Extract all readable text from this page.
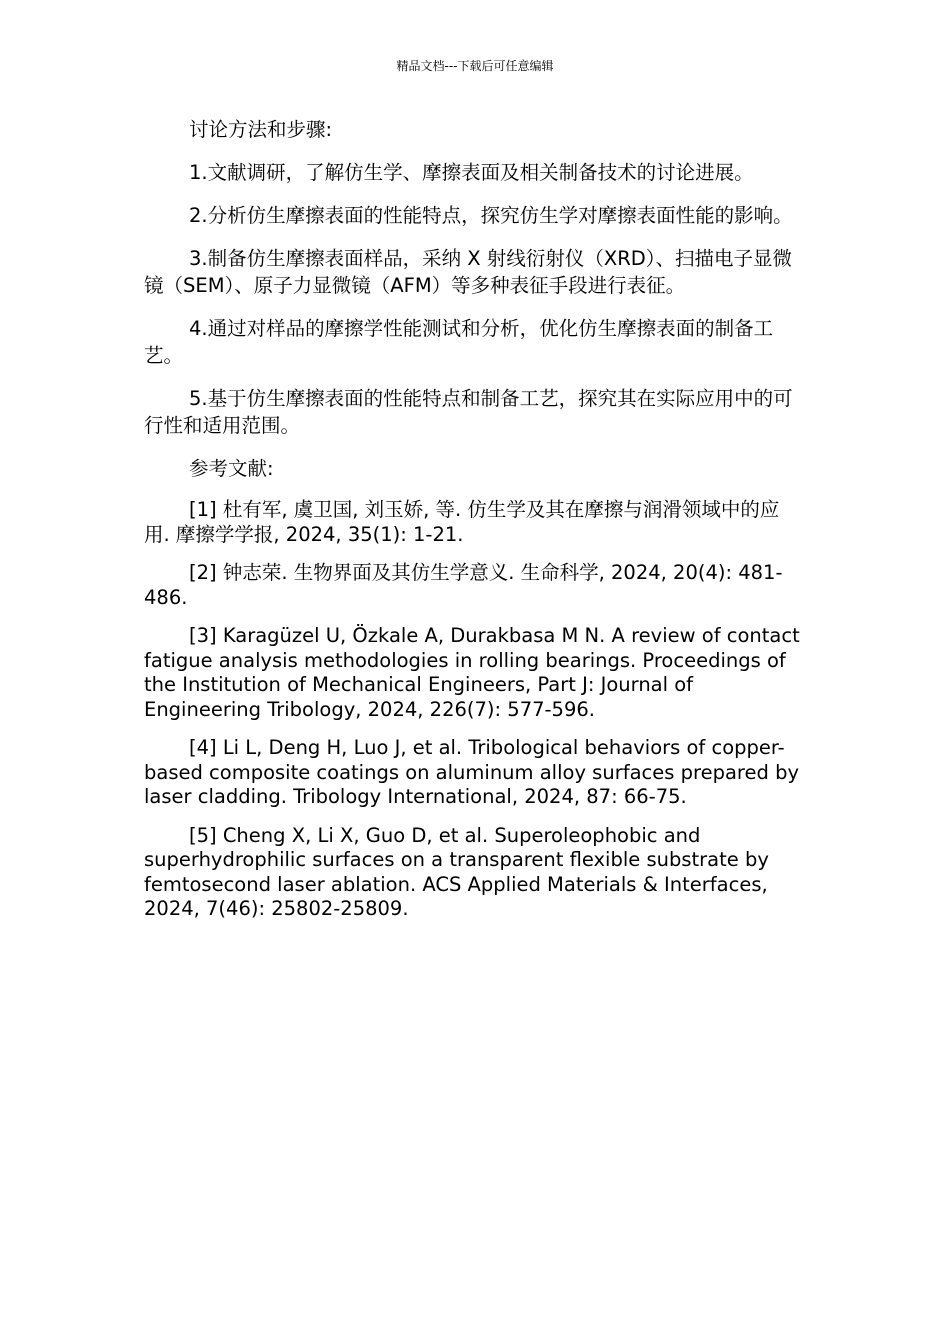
精品文档---下载后可任意编辑

讨论方法和步骤:

1.文献调研，了解仿生学、摩擦表面及相关制备技术的讨论进展。

2.分析仿生摩擦表面的性能特点，探究仿生学对摩擦表面性能的影响。

3.制备仿生摩擦表面样品，采纳 X 射线衍射仪（XRD）、扫描电子显微镜（SEM）、原子力显微镜（AFM）等多种表征手段进行表征。

4.通过对样品的摩擦学性能测试和分析，优化仿生摩擦表面的制备工艺。

5.基于仿生摩擦表面的性能特点和制备工艺，探究其在实际应用中的可行性和适用范围。

参考文献:

[1] 杜有军, 虞卫国, 刘玉娇, 等. 仿生学及其在摩擦与润滑领域中的应用. 摩擦学学报, 2024, 35(1): 1-21.

[2] 钟志荣. 生物界面及其仿生学意义. 生命科学, 2024, 20(4): 481-486.

[3] Karagüzel U, Özkale A, Durakbasa M N. A review of contact fatigue analysis methodologies in rolling bearings. Proceedings of the Institution of Mechanical Engineers, Part J: Journal of Engineering Tribology, 2024, 226(7): 577-596.

[4] Li L, Deng H, Luo J, et al. Tribological behaviors of copper-based composite coatings on aluminum alloy surfaces prepared by laser cladding. Tribology International, 2024, 87: 66-75.

[5] Cheng X, Li X, Guo D, et al. Superoleophobic and superhydrophilic surfaces on a transparent flexible substrate by femtosecond laser ablation. ACS Applied Materials & Interfaces, 2024, 7(46): 25802-25809.
